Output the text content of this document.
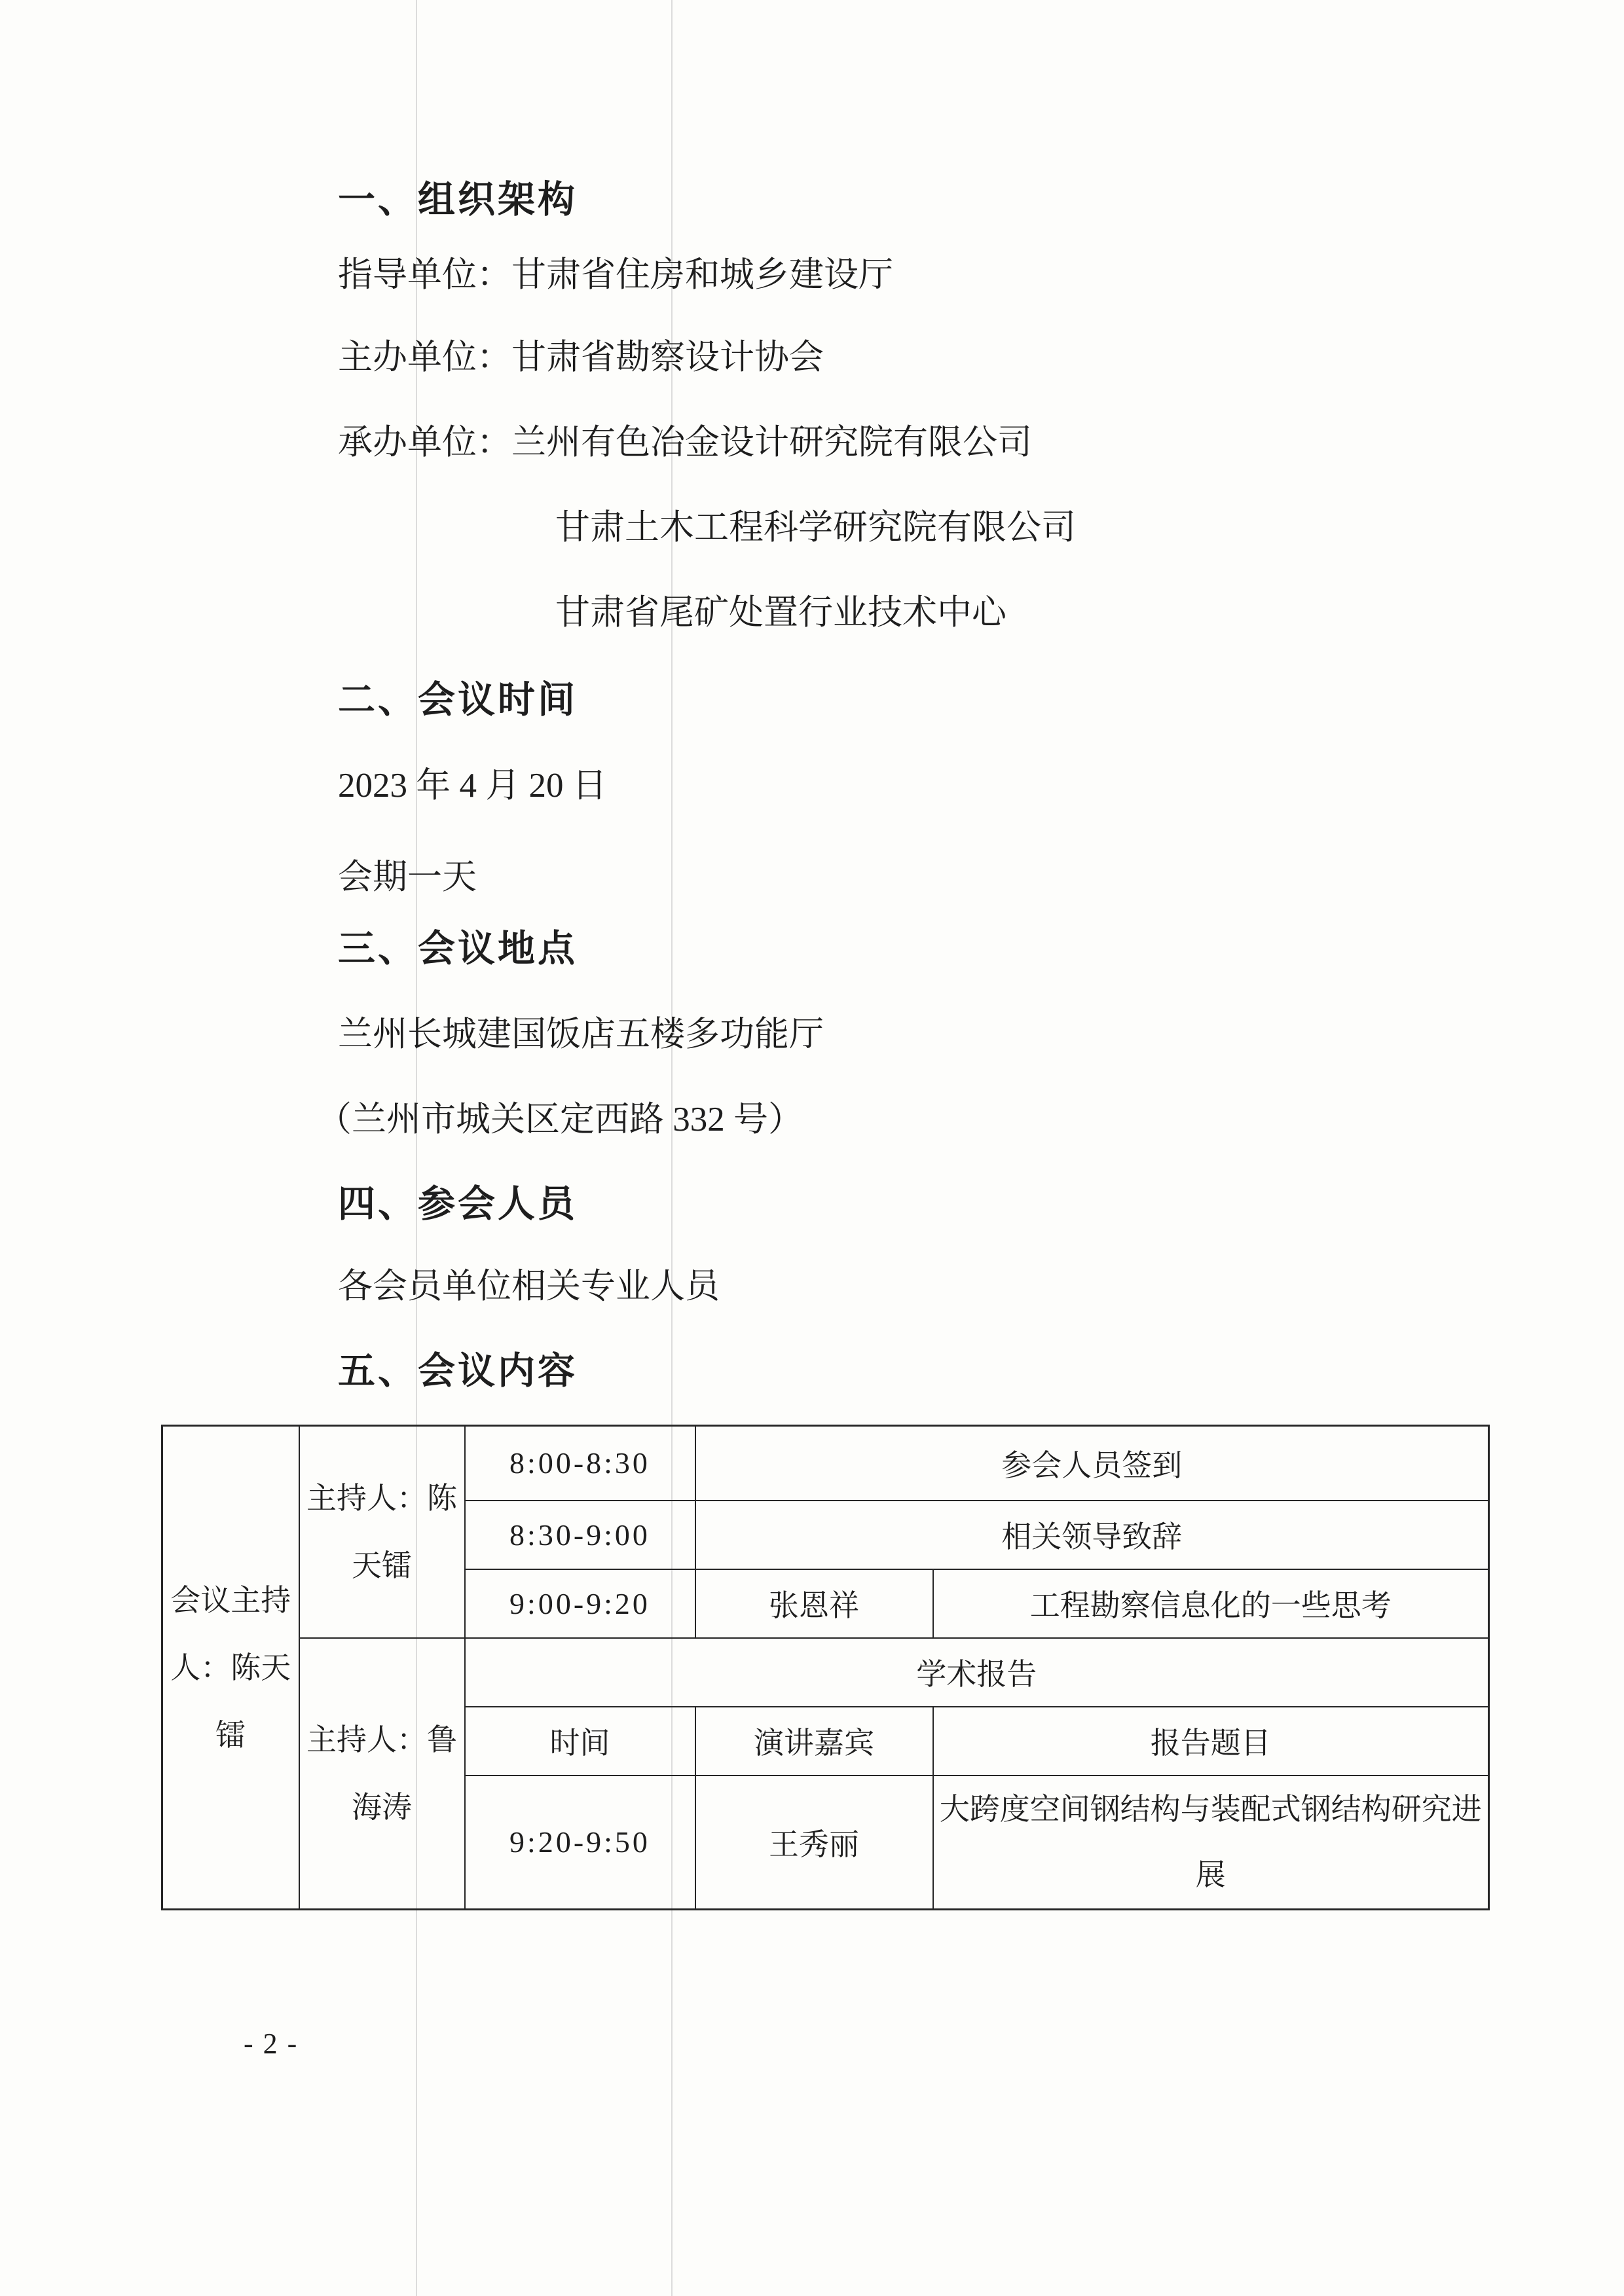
一、组织架构
指导单位：甘肃省住房和城乡建设厅
主办单位：甘肃省勘察设计协会
承办单位：兰州有色冶金设计研究院有限公司
甘肃土木工程科学研究院有限公司
甘肃省尾矿处置行业技术中心
二、会议时间
2023 年 4 月 20 日
会期一天
三、会议地点
兰州长城建国饭店五楼多功能厅
（兰州市城关区定西路 332 号）
四、参会人员
各会员单位相关专业人员
五、会议内容
会议主持人：陈天镭	主持人：陈天镭	8:00-8:30	参会人员签到	
		8:30-9:00	相关领导致辞	
		9:00-9:20	张恩祥	工程勘察信息化的一些思考
	主持人：鲁海涛	学术报告		
		时间	演讲嘉宾	报告题目
		9:20-9:50	王秀丽	大跨度空间钢结构与装配式钢结构研究进展
- 2 -
